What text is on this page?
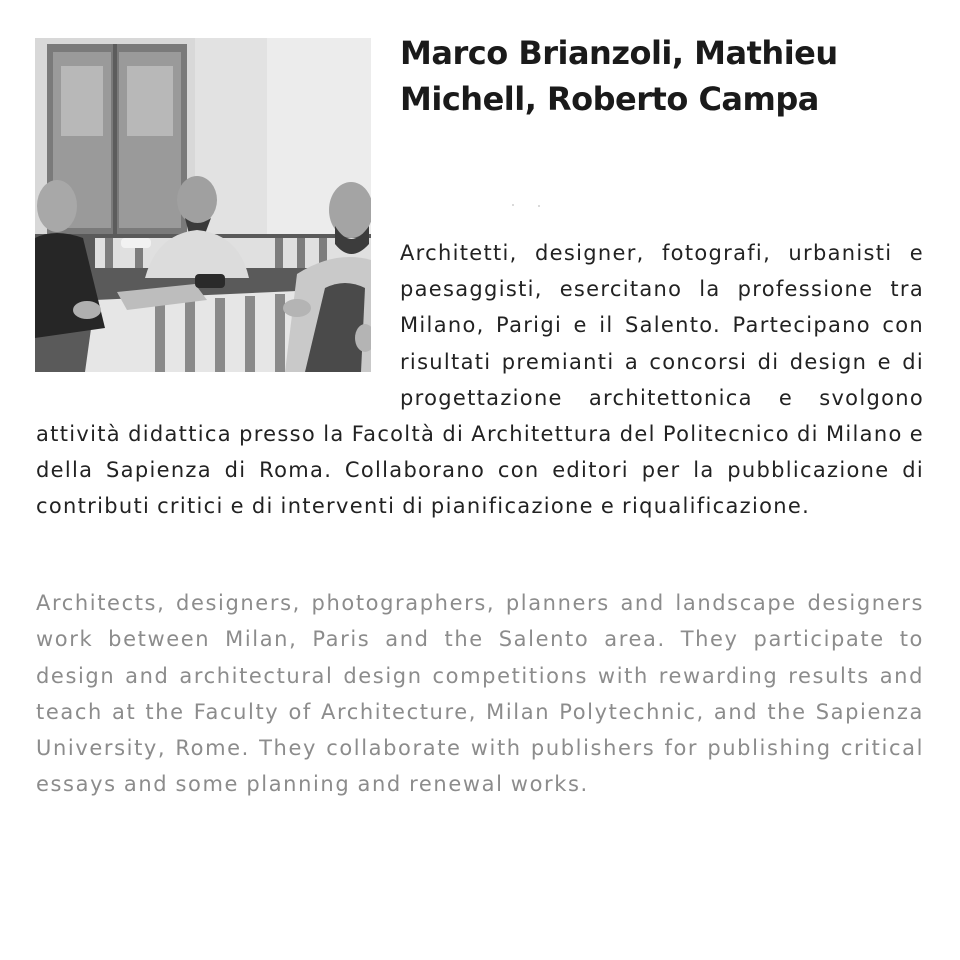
Marco Brianzoli, Mathieu Michell, Roberto Campa
Architetti, designer, fotografi, urbanisti e paesaggisti, esercitano la professione tra Milano, Parigi e il Salento. Partecipano con risultati premianti a concorsi di design e di progettazione architettonica e svolgono attività didattica presso la Facoltà di Architettura del Politecnico di Milano e della Sapienza di Roma. Collaborano con editori per la pubblicazione di contributi critici e di interventi di pianificazione e riqualificazione.

Architects, designers, photographers, planners and landscape designers work between Milan, Paris and the Salento area. They participate to design and architectural design competitions with rewarding results and teach at the Faculty of Architecture, Milan Polytechnic, and the Sapienza University, Rome. They collaborate with publishers for publishing critical essays and some planning and renewal works.
